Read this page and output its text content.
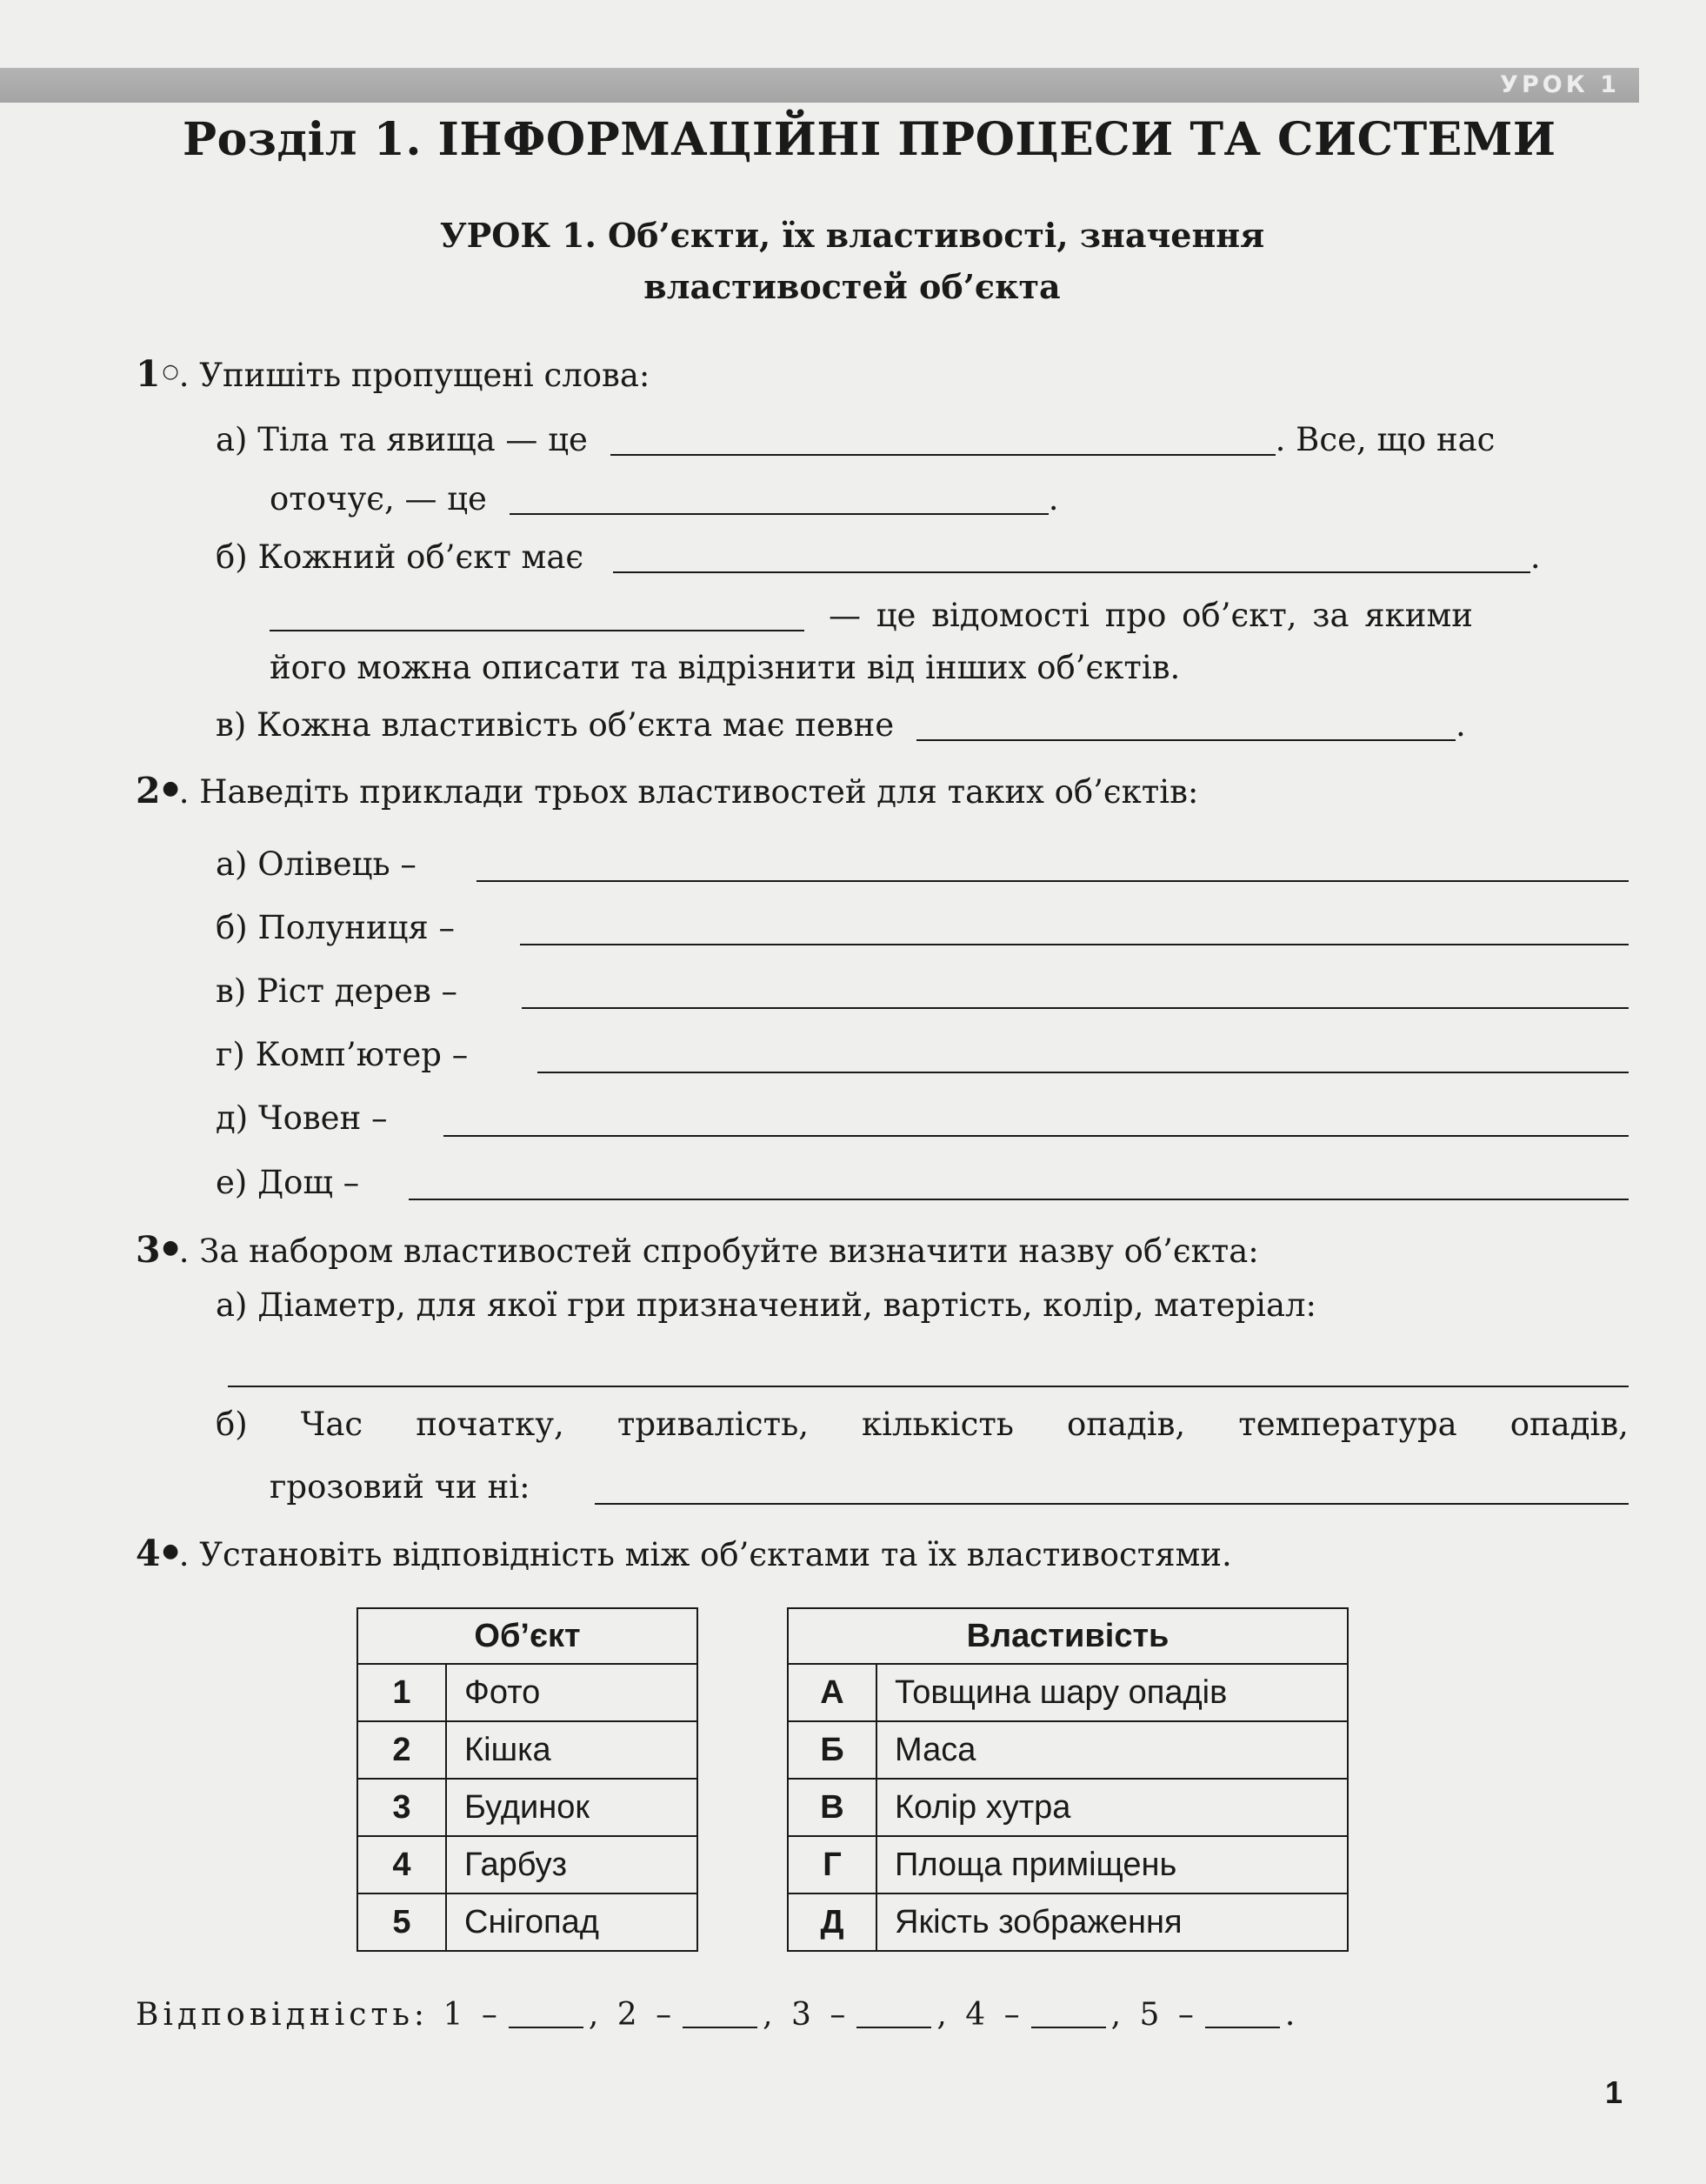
УРОК 1
Розділ 1. ІНФОРМАЦІЙНІ ПРОЦЕСИ ТА СИСТЕМИ
УРОК 1. Об’єкти, їх властивості, значення
властивостей об’єкта
1○. Упишіть пропущені слова:
а) Тіла та явища — це	. Все, що нас
оточує, — це	.
б) Кожний об’єкт має	.
— це відомості про об’єкт, за якими
його можна описати та відрізнити від інших об’єктів.
в) Кожна властивість об’єкта має певне	.
2●. Наведіть приклади трьох властивостей для таких об’єктів:
а) Олівець –
б) Полуниця –
в) Ріст дерев –
г) Комп’ютер –
д) Човен –
е) Дощ –
3●. За набором властивостей спробуйте визначити назву об’єкта:
а) Діаметр, для якої гри призначений, вартість, колір, матеріал:
б) Час початку, тривалість, кількість опадів, температура опадів,
грозовий чи ні:
4●. Установіть відповідність між об’єктами та їх властивостями.
Об’єкт	
1	Фото
2	Кішка
3	Будинок
4	Гарбуз
5	Снігопад
Властивість	
А	Товщина шару опадів
Б	Маса
В	Колір хутра
Г	Площа приміщень
Д	Якість зображення
Відповідність: 1 –	, 2 –	, 3 –	, 4 –	, 5 –	.
1
